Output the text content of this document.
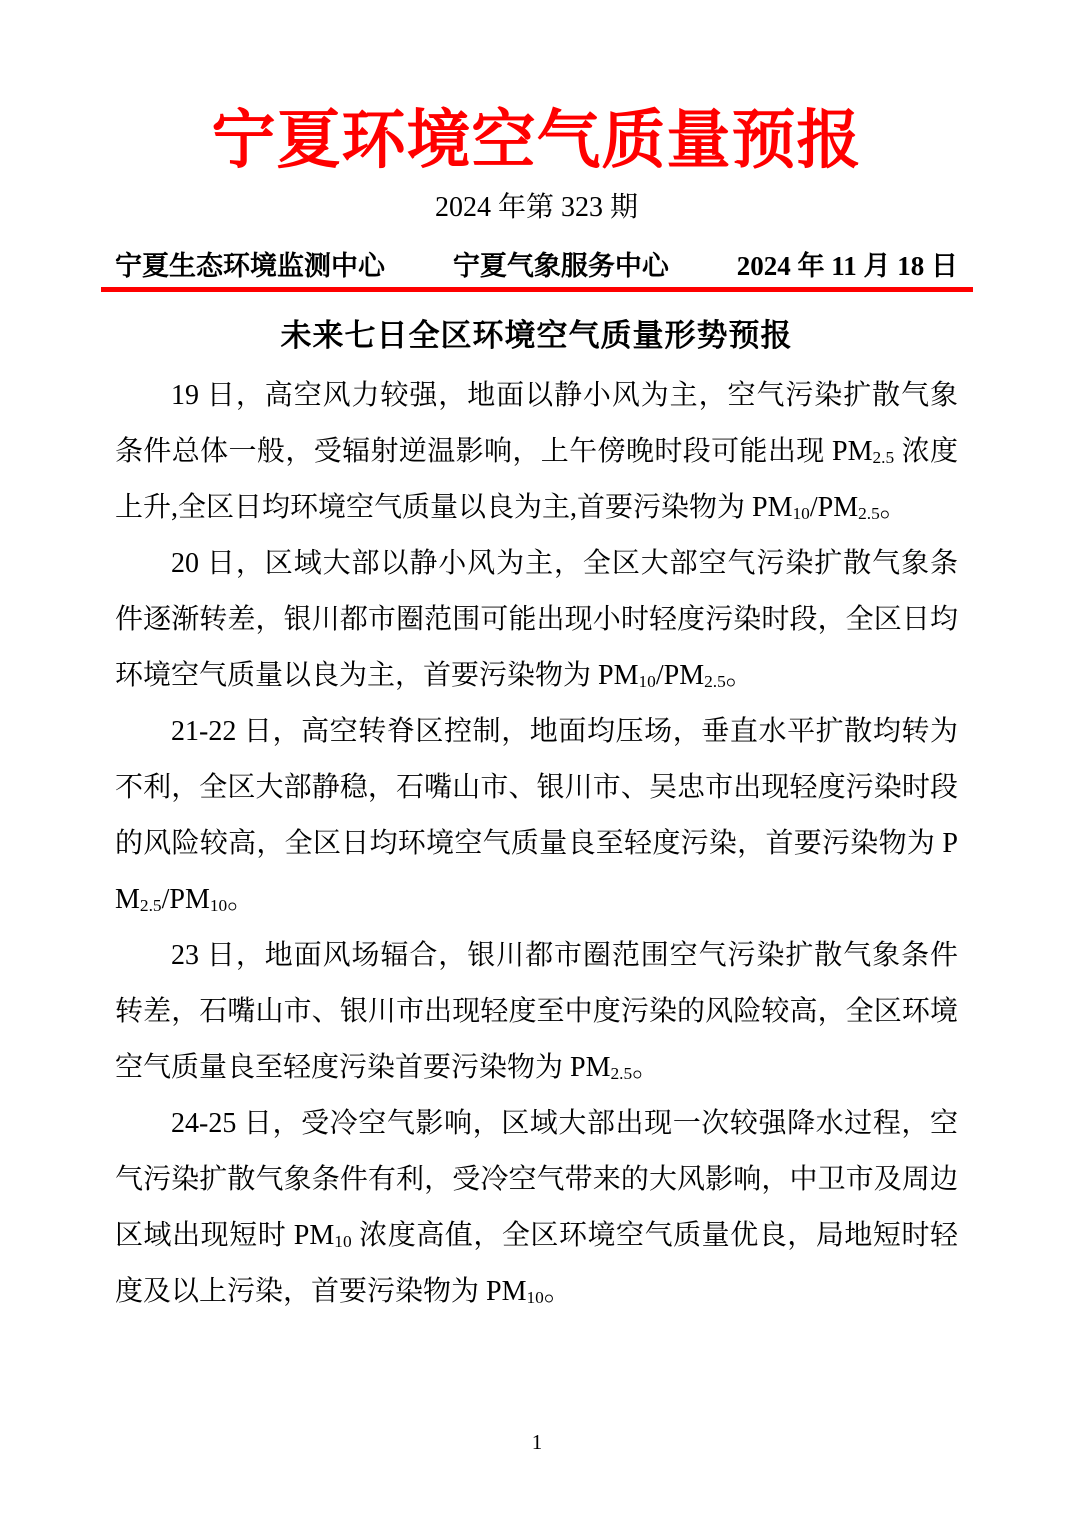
宁夏环境空气质量预报
2024 年第 323 期
宁夏生态环境监测中心	宁夏气象服务中心	2024 年 11 月 18 日
未来七日全区环境空气质量形势预报

19 日，高空风力较强，地面以静小风为主，空气污染扩散气象条件总体一般，受辐射逆温影响，上午傍晚时段可能出现 $PM_{2.5}$ 浓度上升,全区日均环境空气质量以良为主,首要污染物为 $PM_{10}/PM_{2.5}$。

20 日，区域大部以静小风为主，全区大部空气污染扩散气象条件逐渐转差，银川都市圈范围可能出现小时轻度污染时段，全区日均环境空气质量以良为主，首要污染物为 $PM_{10}/PM_{2.5}$。

21-22 日，高空转脊区控制，地面均压场，垂直水平扩散均转为不利，全区大部静稳，石嘴山市、银川市、吴忠市出现轻度污染时段的风险较高，全区日均环境空气质量良至轻度污染，首要污染物为 $PM_{2.5}/PM_{10}$。

23 日，地面风场辐合，银川都市圈范围空气污染扩散气象条件转差，石嘴山市、银川市出现轻度至中度污染的风险较高，全区环境空气质量良至轻度污染首要污染物为 $PM_{2.5}$。

24-25 日，受冷空气影响，区域大部出现一次较强降水过程，空气污染扩散气象条件有利，受冷空气带来的大风影响，中卫市及周边区域出现短时 $PM_{10}$ 浓度高值，全区环境空气质量优良，局地短时轻度及以上污染，首要污染物为 $PM_{10}$。

1
